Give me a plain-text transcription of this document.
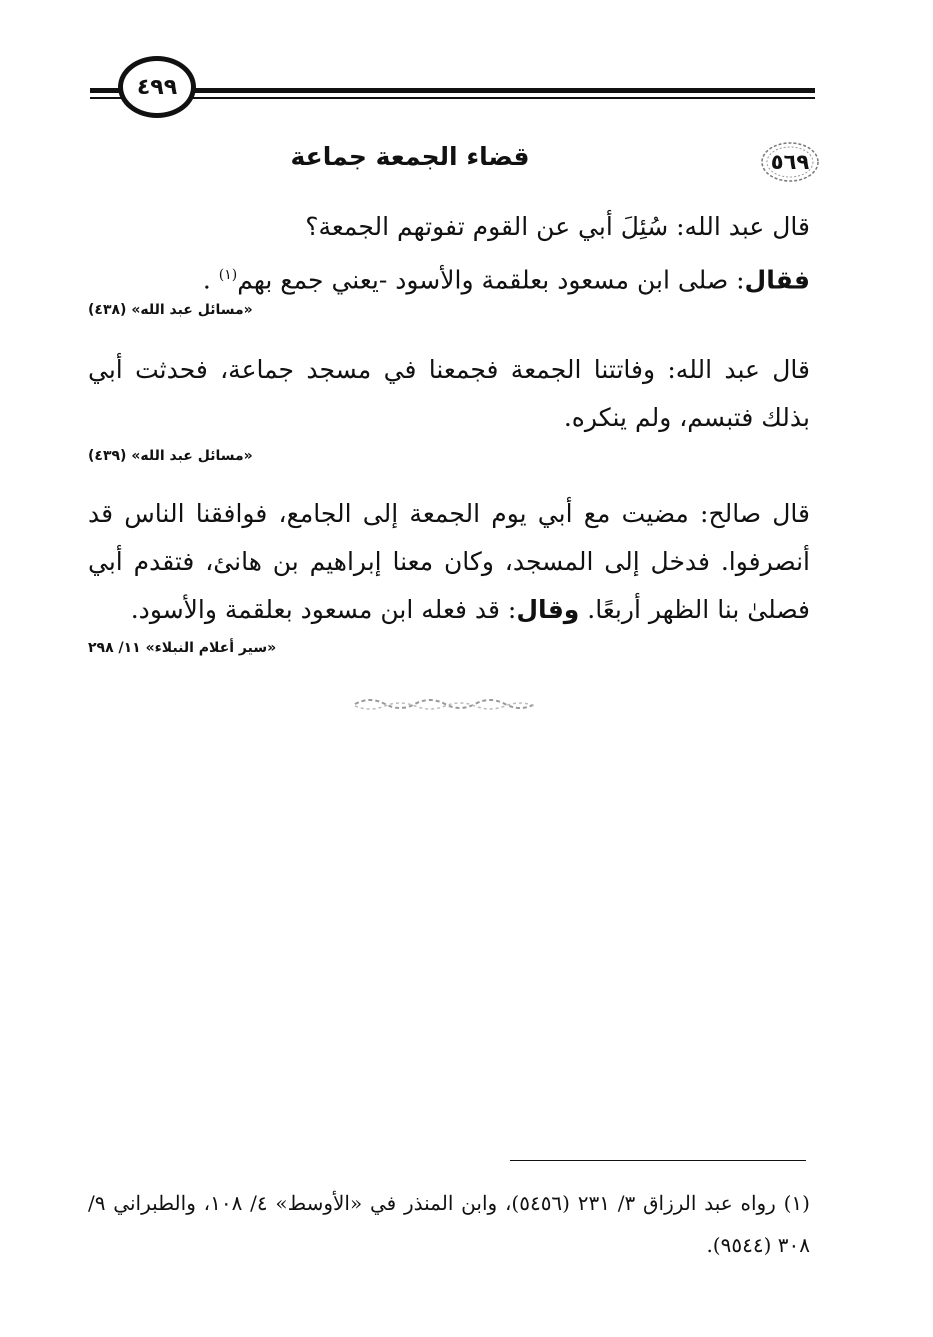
٤٩٩
٥٦٩
قضاء الجمعة جماعة
قال عبد الله: سُئِلَ أبي عن القوم تفوتهم الجمعة؟
فقال: صلى ابن مسعود بعلقمة والأسود -يعني جمع بهم$^{(١)}$ .
«مسائل عبد الله» (٤٣٨)
قال عبد الله: وفاتتنا الجمعة فجمعنا في مسجد جماعة، فحدثت أبي بذلك فتبسم، ولم ينكره.
«مسائل عبد الله» (٤٣٩)
قال صالح: مضيت مع أبي يوم الجمعة إلى الجامع، فوافقنا الناس قد أنصرفوا. فدخل إلى المسجد، وكان معنا إبراهيم بن هانئ، فتقدم أبي فصلىٰ بنا الظهر أربعًا. وقال: قد فعله ابن مسعود بعلقمة والأسود.
«سير أعلام النبلاء» ١١/ ٢٩٨
(١) رواه عبد الرزاق ٣/ ٢٣١ (٥٤٥٦)، وابن المنذر في «الأوسط» ٤/ ١٠٨، والطبراني ٩/ ٣٠٨ (٩٥٤٤).
